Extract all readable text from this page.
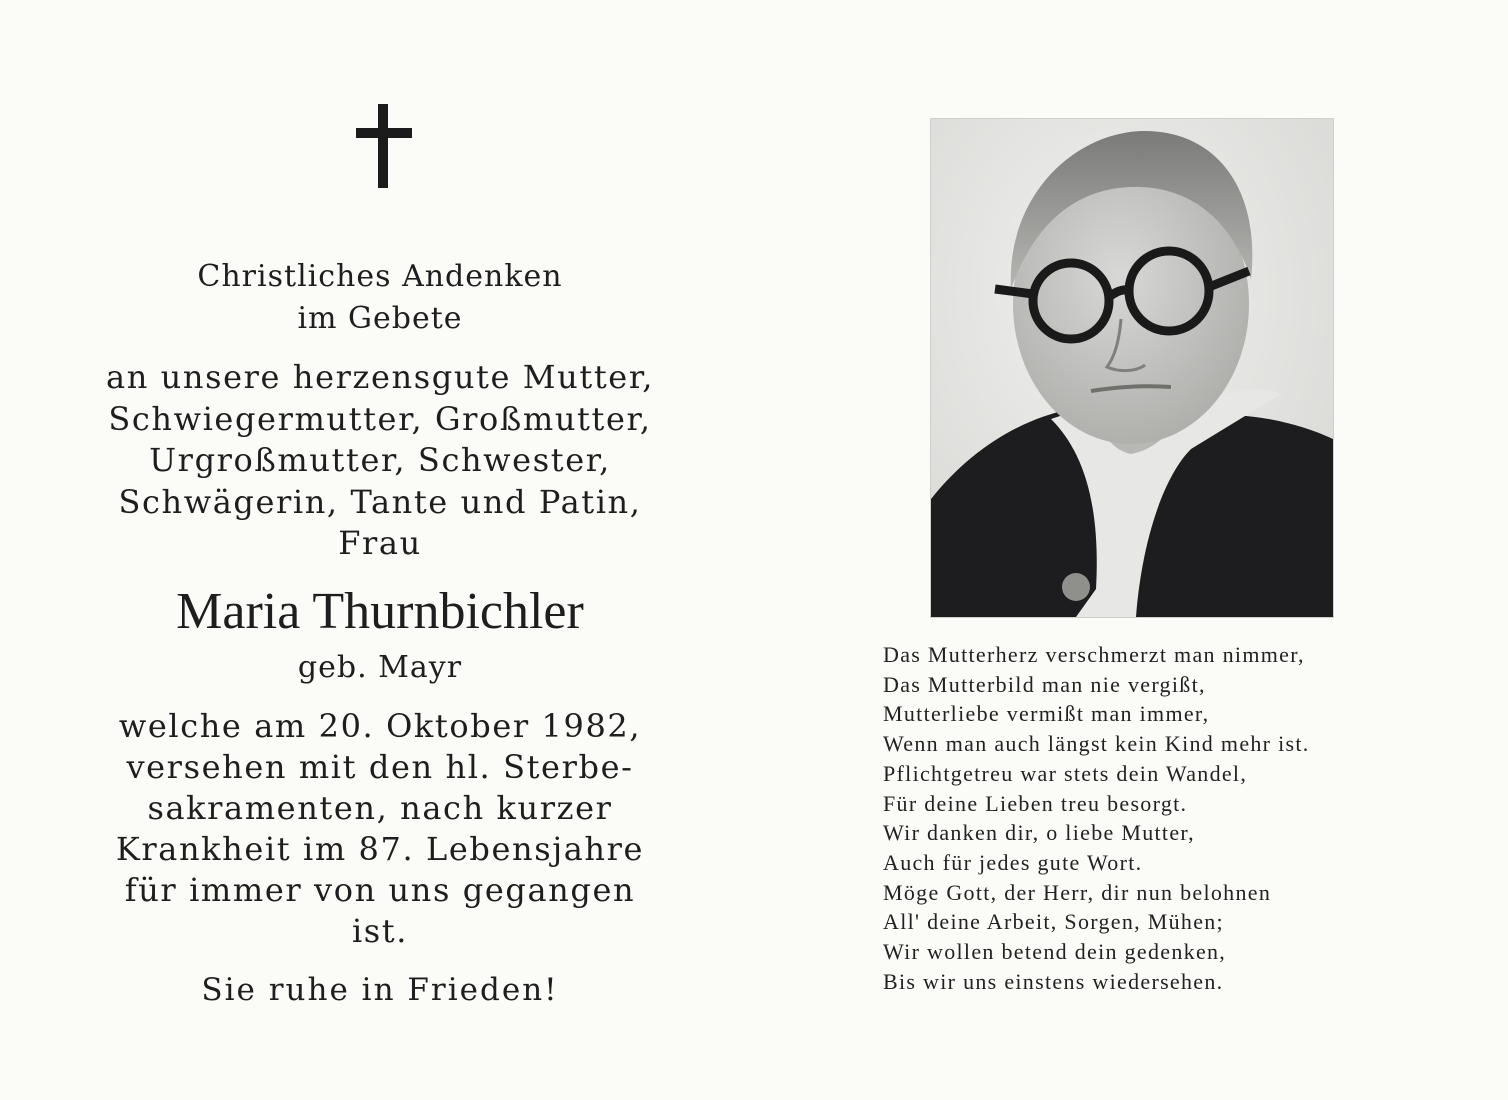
Christliches Andenken
im Gebete
an unsere herzensgute Mutter,
Schwiegermutter, Großmutter,
Urgroßmutter, Schwester,
Schwägerin, Tante und Patin,
Frau
Maria Thurnbichler
geb. Mayr
welche am 20. Oktober 1982,
versehen mit den hl. Sterbe-
sakramenten, nach kurzer
Krankheit im 87. Lebensjahre
für immer von uns gegangen
ist.
Sie ruhe in Frieden!
Das Mutterherz verschmerzt man nimmer,
Das Mutterbild man nie vergißt,
Mutterliebe vermißt man immer,
Wenn man auch längst kein Kind mehr ist.
Pflichtgetreu war stets dein Wandel,
Für deine Lieben treu besorgt.
Wir danken dir, o liebe Mutter,
Auch für jedes gute Wort.
Möge Gott, der Herr, dir nun belohnen
All' deine Arbeit, Sorgen, Mühen;
Wir wollen betend dein gedenken,
Bis wir uns einstens wiedersehen.
